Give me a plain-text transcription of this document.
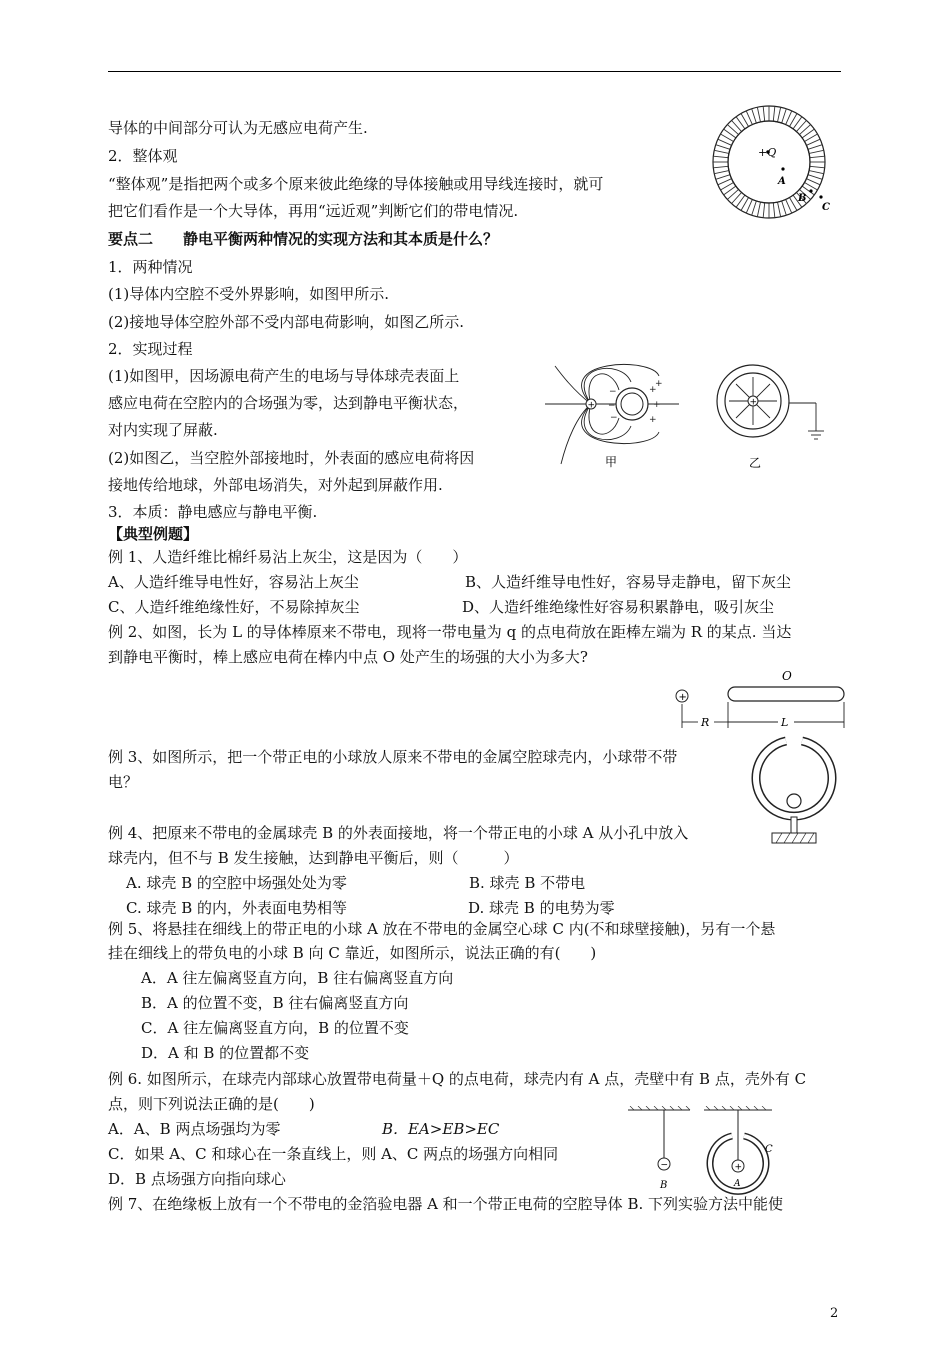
导体的中间部分可认为无感应电荷产生.
2．整体观
“整体观”是指把两个或多个原来彼此绝缘的导体接触或用导线连接时，就可
把它们看作是一个大导体，再用“远近观”判断它们的带电情况.
要点二　　静电平衡两种情况的实现方法和其本质是什么？
1．两种情况
(1)导体内空腔不受外界影响，如图甲所示.
(2)接地导体空腔外部不受内部电荷影响，如图乙所示.
2．实现过程
(1)如图甲，因场源电荷产生的电场与导体球壳表面上
感应电荷在空腔内的合场强为零，达到静电平衡状态，
对内实现了屏蔽.
(2)如图乙，当空腔外部接地时，外表面的感应电荷将因
接地传给地球，外部电场消失，对外起到屏蔽作用.
3．本质：静电感应与静电平衡.
【典型例题】
例 1、人造纤维比棉纤易沾上灰尘，这是因为（　　）
A、人造纤维导电性好，容易沾上灰尘	B、人造纤维导电性好，容易导走静电，留下灰尘
C、人造纤维绝缘性好，不易除掉灰尘	D、人造纤维绝缘性好容易积累静电，吸引灰尘
例 2、如图，长为 L 的导体棒原来不带电，现将一带电量为 q 的点电荷放在距棒左端为 R 的某点. 当达
到静电平衡时，棒上感应电荷在棒内中点 O 处产生的场强的大小为多大?
例 3、如图所示，把一个带正电的小球放人原来不带电的金属空腔球壳内，小球带不带
电？
例 4、把原来不带电的金属球壳 B 的外表面接地，将一个带正电的小球 A 从小孔中放入
球壳内，但不与 B 发生接触，达到静电平衡后，则（　　　）
A. 球壳 B 的空腔中场强处处为零	B. 球壳 B 不带电
C. 球壳 B 的内，外表面电势相等	D. 球壳 B 的电势为零
例 5、将悬挂在细线上的带正电的小球 A 放在不带电的金属空心球 C 内(不和球壁接触)，另有一个悬
挂在细线上的带负电的小球 B 向 C 靠近，如图所示，说法正确的有(　　)
A．A 往左偏离竖直方向，B 往右偏离竖直方向
B．A 的位置不变，B 往右偏离竖直方向
C．A 往左偏离竖直方向，B 的位置不变
D．A 和 B 的位置都不变
例 6. 如图所示，在球壳内部球心放置带电荷量＋Q 的点电荷，球壳内有 A 点，壳壁中有 B 点，壳外有 C
点，则下列说法正确的是(　　)
A．A、B 两点场强均为零	B．EA>EB>EC
C．如果 A、C 和球心在一条直线上，则 A、C 两点的场强方向相同
D．B 点场强方向指向球心
例 7、在绝缘板上放有一个不带电的金箔验电器 A 和一个带正电荷的空腔导体 B. 下列实验方法中能使
+Q
A
B
C
+
−
−
−
+
+
+
+
甲
+
乙
+
O
R	L
−
B
+
A
C
2
